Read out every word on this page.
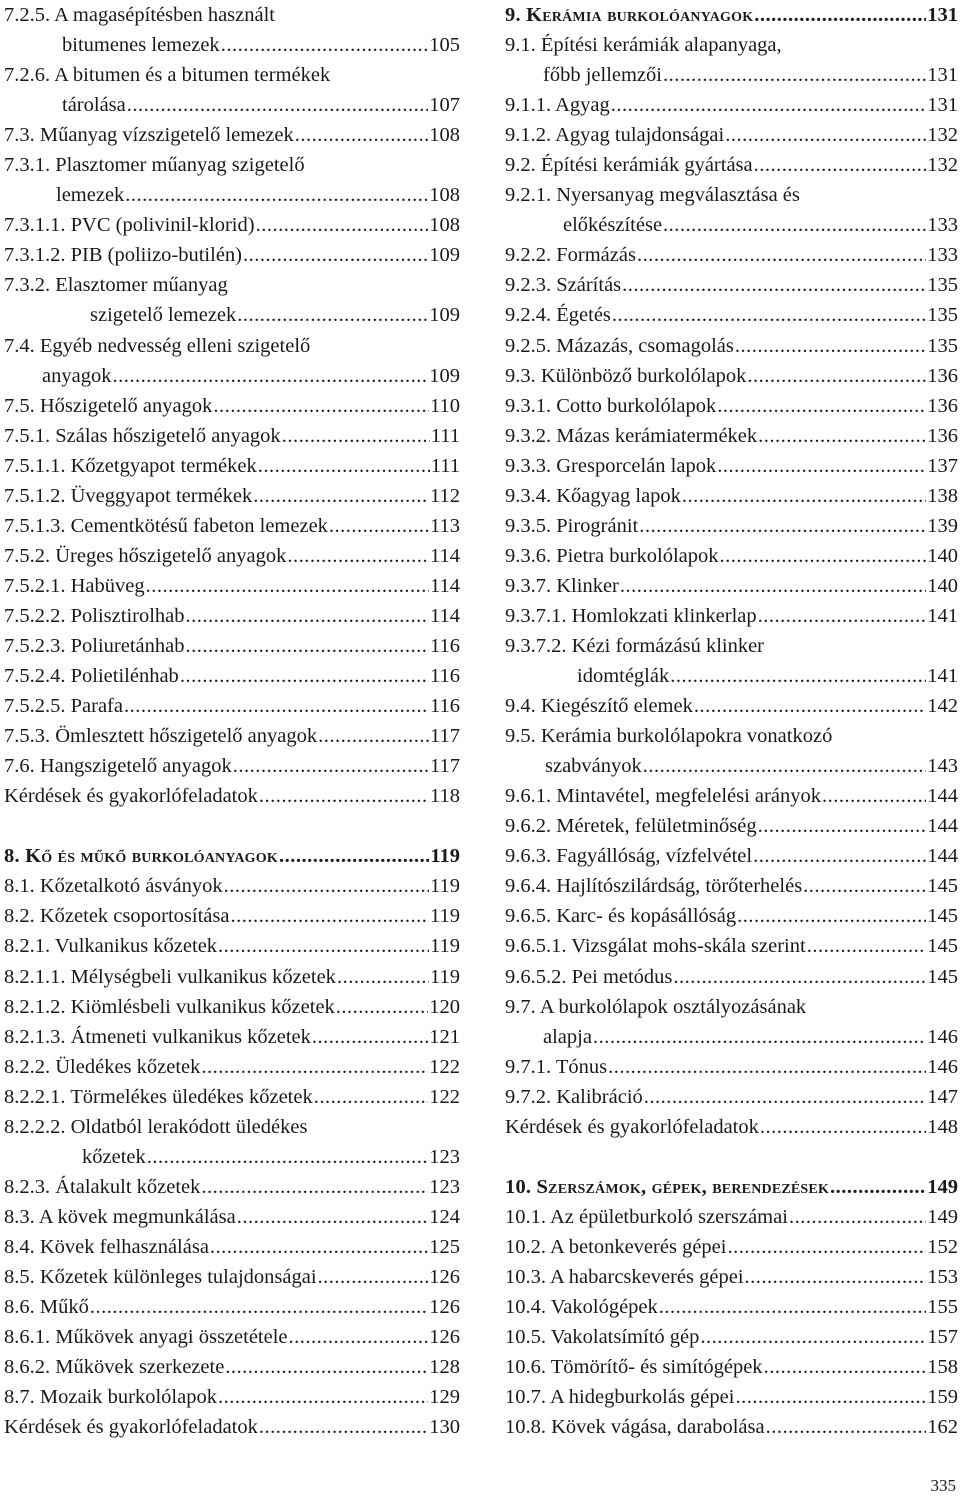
7.2.5. A magasépítésben használt
bitumenes lemezek .....	105
7.2.6. A bitumen és a bitumen termékek
tárolása .....	107
7.3. Műanyag vízszigetelő lemezek .....	108
7.3.1. Plasztomer műanyag szigetelő
lemezek .....	108
7.3.1.1. PVC (polivinil-klorid) .....	108
7.3.1.2. PIB (poliizo-butilén) .....	109
7.3.2. Elasztomer műanyag
szigetelő lemezek .....	109
7.4. Egyéb nedvesség elleni szigetelő
anyagok .....	109
7.5. Hőszigetelő anyagok .....	110
7.5.1. Szálas hőszigetelő anyagok .....	111
7.5.1.1. Kőzetgyapot termékek .....	111
7.5.1.2. Üveggyapot termékek .....	112
7.5.1.3. Cementkötésű fabeton lemezek .....	113
7.5.2. Üreges hőszigetelő anyagok .....	114
7.5.2.1. Habüveg .....	114
7.5.2.2. Polisztirolhab .....	114
7.5.2.3. Poliuretánhab .....	116
7.5.2.4. Polietilénhab .....	116
7.5.2.5. Parafa .....	116
7.5.3. Ömlesztett hőszigetelő anyagok .....	117
7.6. Hangszigetelő anyagok .....	117
Kérdések és gyakorlófeladatok .....	118
8. Kő és műkő burkolóanyagok .....	119
8.1. Kőzetalkotó ásványok .....	119
8.2. Kőzetek csoportosítása .....	119
8.2.1. Vulkanikus kőzetek .....	119
8.2.1.1. Mélységbeli vulkanikus kőzetek .....	119
8.2.1.2. Kiömlésbeli vulkanikus kőzetek .....	120
8.2.1.3. Átmeneti vulkanikus kőzetek .....	121
8.2.2. Üledékes kőzetek .....	122
8.2.2.1. Törmelékes üledékes kőzetek .....	122
8.2.2.2. Oldatból lerakódott üledékes
kőzetek .....	123
8.2.3. Átalakult kőzetek .....	123
8.3. A kövek megmunkálása .....	124
8.4. Kövek felhasználása .....	125
8.5. Kőzetek különleges tulajdonságai .....	126
8.6. Műkő .....	126
8.6.1. Műkövek anyagi összetétele .....	126
8.6.2. Műkövek szerkezete .....	128
8.7. Mozaik burkolólapok .....	129
Kérdések és gyakorlófeladatok .....	130
9. Kerámia burkolóanyagok .....	131
9.1. Építési kerámiák alapanyaga,
főbb jellemzői .....	131
9.1.1. Agyag .....	131
9.1.2. Agyag tulajdonságai .....	132
9.2. Építési kerámiák gyártása .....	132
9.2.1. Nyersanyag megválasztása és
előkészítése .....	133
9.2.2. Formázás .....	133
9.2.3. Szárítás .....	135
9.2.4. Égetés .....	135
9.2.5. Mázazás, csomagolás .....	135
9.3. Különböző burkolólapok .....	136
9.3.1. Cotto burkolólapok .....	136
9.3.2. Mázas kerámiatermékek .....	136
9.3.3. Gresporcelán lapok .....	137
9.3.4. Kőagyag lapok .....	138
9.3.5. Pirogránit .....	139
9.3.6. Pietra burkolólapok .....	140
9.3.7. Klinker .....	140
9.3.7.1. Homlokzati klinkerlap .....	141
9.3.7.2. Kézi formázású klinker
idomtéglák .....	141
9.4. Kiegészítő elemek .....	142
9.5. Kerámia burkolólapokra vonatkozó
szabványok .....	143
9.6.1. Mintavétel, megfelelési arányok .....	144
9.6.2. Méretek, felületminőség .....	144
9.6.3. Fagyállóság, vízfelvétel .....	144
9.6.4. Hajlítószilárdság, törőterhelés .....	145
9.6.5. Karc- és kopásállóság .....	145
9.6.5.1. Vizsgálat mohs-skála szerint .....	145
9.6.5.2. Pei metódus .....	145
9.7. A burkolólapok osztályozásának
alapja .....	146
9.7.1. Tónus .....	146
9.7.2. Kalibráció .....	147
Kérdések és gyakorlófeladatok .....	148
10. Szerszámok, gépek, berendezések .....	149
10.1. Az épületburkoló szerszámai .....	149
10.2. A betonkeverés gépei .....	152
10.3. A habarcskeverés gépei .....	153
10.4. Vakológépek .....	155
10.5. Vakolatsímító gép .....	157
10.6. Tömörítő- és simítógépek .....	158
10.7. A hidegburkolás gépei .....	159
10.8. Kövek vágása, darabolása .....	162
335
